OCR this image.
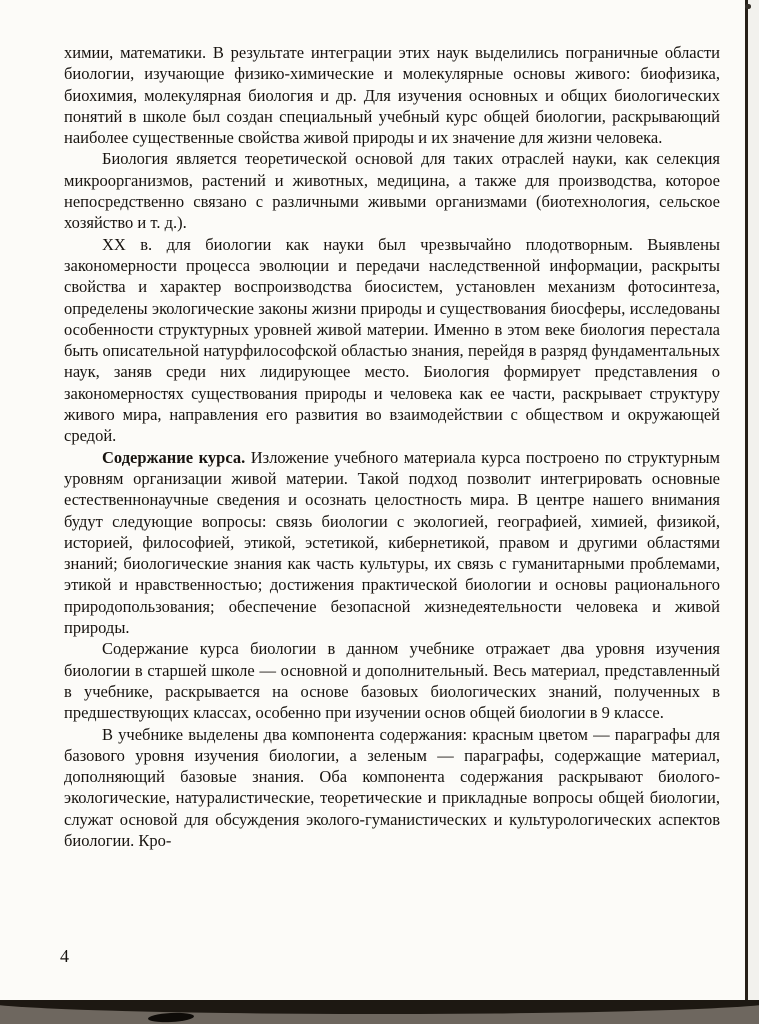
химии, математики. В результате интеграции этих наук выделились пограничные области биологии, изучающие физико-химические и молекулярные основы живого: биофизика, биохимия, молекулярная биология и др. Для изучения основных и общих биологических понятий в школе был создан специальный учебный курс общей биологии, раскрывающий наиболее существенные свойства живой природы и их значение для жизни человека.

Биология является теоретической основой для таких отраслей науки, как селекция микроорганизмов, растений и животных, медицина, а также для производства, которое непосредственно связано с различными живыми организмами (биотехнология, сельское хозяйство и т. д.).

XX в. для биологии как науки был чрезвычайно плодотворным. Выявлены закономерности процесса эволюции и передачи наследственной информации, раскрыты свойства и характер воспроизводства биосистем, установлен механизм фотосинтеза, определены экологические законы жизни природы и существования биосферы, исследованы особенности структурных уровней живой материи. Именно в этом веке биология перестала быть описательной натурфилософской областью знания, перейдя в разряд фундаментальных наук, заняв среди них лидирующее место. Биология формирует представления о закономерностях существования природы и человека как ее части, раскрывает структуру живого мира, направления его развития во взаимодействии с обществом и окружающей средой.

Содержание курса. Изложение учебного материала курса построено по структурным уровням организации живой материи. Такой подход позволит интегрировать основные естественнонаучные сведения и осознать целостность мира. В центре нашего внимания будут следующие вопросы: связь биологии с экологией, географией, химией, физикой, историей, философией, этикой, эстетикой, кибернетикой, правом и другими областями знаний; биологические знания как часть культуры, их связь с гуманитарными проблемами, этикой и нравственностью; достижения практической биологии и основы рационального природопользования; обеспечение безопасной жизнедеятельности человека и живой природы.

Содержание курса биологии в данном учебнике отражает два уровня изучения биологии в старшей школе — основной и дополнительный. Весь материал, представленный в учебнике, раскрывается на основе базовых биологических знаний, полученных в предшествующих классах, особенно при изучении основ общей биологии в 9 классе.

В учебнике выделены два компонента содержания: красным цветом — параграфы для базового уровня изучения биологии, а зеленым — параграфы, содержащие материал, дополняющий базовые знания. Оба компонента содержания раскрывают биолого-экологические, натуралистические, теоретические и прикладные вопросы общей биологии, служат основой для обсуждения эколого-гуманистических и культурологических аспектов биологии. Кро-

4
